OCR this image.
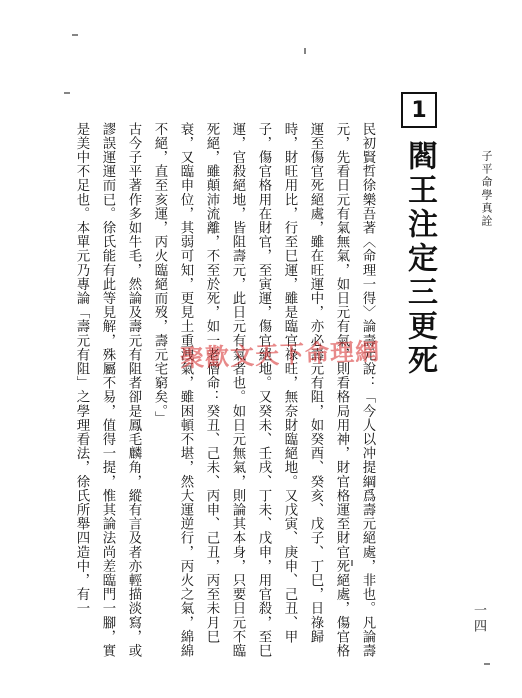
子平命學真詮
1
閻王注定三更死

民初賢哲徐樂吾著〈命理一得〉論壽元說：「今人以冲提綱爲壽元絕處，非也。凡論壽元，先看日元有氣無氣，如日元有氣，則看格局用神，財官格運至財官死絕處，傷官格運至傷官死絕處，雖在旺運中，亦必壽元有阻，如癸酉、癸亥、戊子、丁巳，日祿歸時，財旺用比，行至巳運，雖是臨官祿旺，無奈財臨絕地。又戊寅、庚申、己丑、甲子，傷官格用在財官，至寅運，傷官絕地。又癸未、壬戌、丁未、戊申，用官殺，至巳運，官殺絕地，皆阻壽元，此日元有氣者也。如日元無氣，則論其本身，只要日元不臨死絕，雖顛沛流離，不至於死，如一老僧命：癸丑、己未、丙申、己丑，丙至未月巳衰，又臨申位，其弱可知，更見土重洩氣，雖困頓不堪，然大運逆行，丙火之氣，綿綿不絕，直至亥運，丙火臨絕而歿，壽元宅窮矣。」

古今子平著作多如牛毛，然論及壽元有阻者卻是鳳毛麟角，縱有言及者亦輕描淡寫，或謬誤運運而已。徐氏能有此等見解，殊屬不易，值得一提，惟其論法尚差臨門一腳，實是美中不足也。本單元乃專論「壽元有阻」之學理看法，徐氏所舉四造中，有一	聚歡文天下命理網
一四
